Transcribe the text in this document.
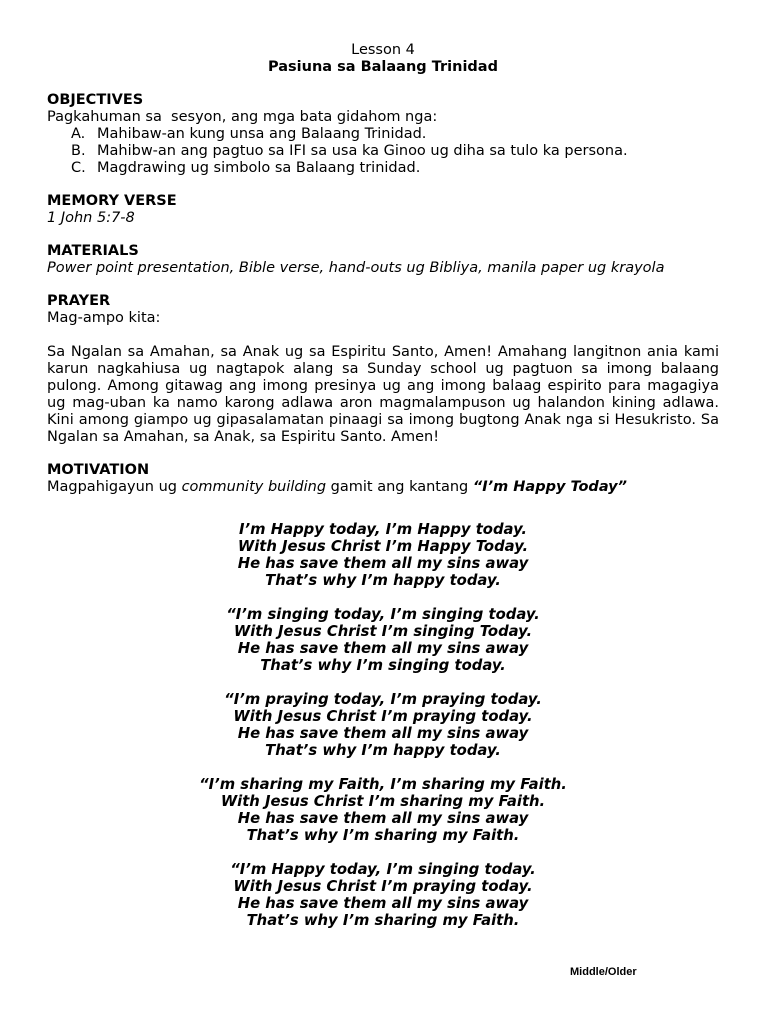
Lesson 4
Pasiuna sa Balaang Trinidad
OBJECTIVES
Pagkahuman sa  sesyon, ang mga bata gidahom nga:
A. Mahibaw-an kung unsa ang Balaang Trinidad.
B. Mahibw-an ang pagtuo sa IFI sa usa ka Ginoo ug diha sa tulo ka persona.
C. Magdrawing ug simbolo sa Balaang trinidad.
MEMORY VERSE
1 John 5:7-8
MATERIALS
Power point presentation, Bible verse, hand-outs ug Bibliya, manila paper ug krayola
PRAYER
Mag-ampo kita:
Sa Ngalan sa Amahan, sa Anak ug sa Espiritu Santo, Amen! Amahang langitnon ania kami karun nagkahiusa ug nagtapok alang sa Sunday school ug pagtuon sa imong balaang pulong. Among gitawag ang imong presinya ug ang imong balaag espirito para magagiya ug mag-uban ka namo karong adlawa aron magmalampuson ug halandon kining adlawa. Kini among giampo ug gipasalamatan pinaagi sa imong bugtong Anak nga si Hesukristo. Sa Ngalan sa Amahan, sa Anak, sa Espiritu Santo. Amen!
MOTIVATION
Magpahigayun ug community building gamit ang kantang “I’m Happy Today”
I’m Happy today, I’m Happy today.
With Jesus Christ I’m Happy Today.
He has save them all my sins away
That’s why I’m happy today.
“I’m singing today, I’m singing today.
With Jesus Christ I’m singing Today.
He has save them all my sins away
That’s why I’m singing today.
“I’m praying today, I’m praying today.
With Jesus Christ I’m praying today.
He has save them all my sins away
That’s why I’m happy today.
“I’m sharing my Faith, I’m sharing my Faith.
With Jesus Christ I’m sharing my Faith.
He has save them all my sins away
That’s why I’m sharing my Faith.
“I’m Happy today, I’m singing today.
With Jesus Christ I’m praying today.
He has save them all my sins away
That’s why I’m sharing my Faith.
Middle/Older
